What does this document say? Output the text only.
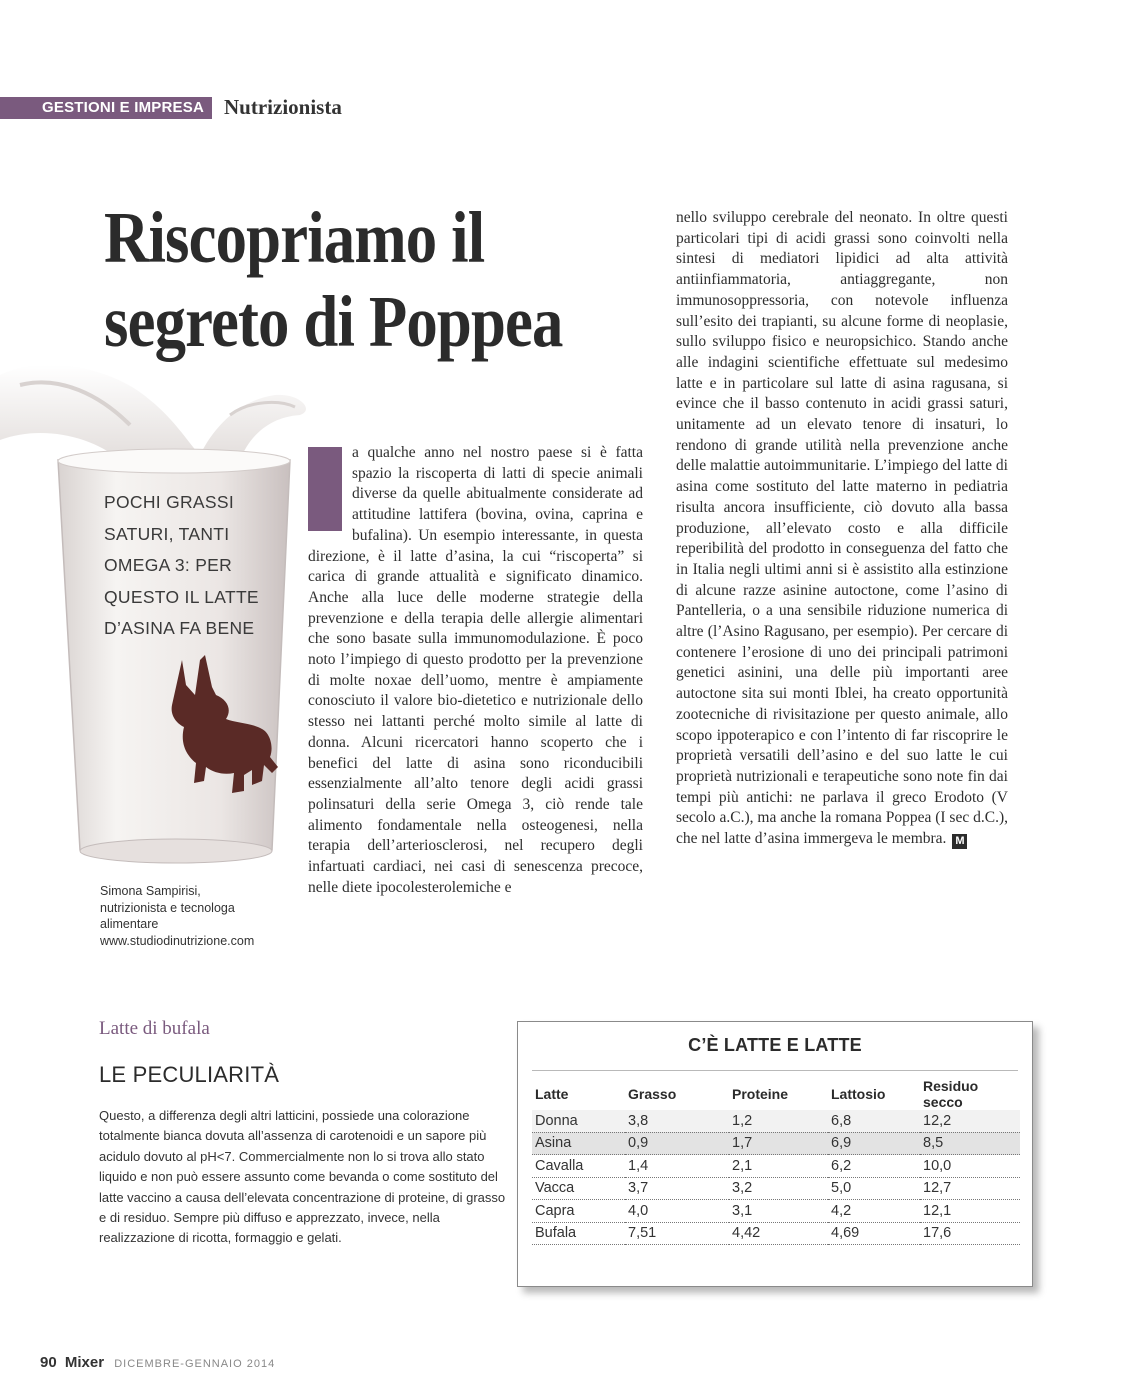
GESTIONI E IMPRESA Nutrizionista
Riscopriamo il
segreto di Poppea
POCHI GRASSI
SATURI, TANTI
OMEGA 3: PER
QUESTO IL LATTE
D’ASINA FA BENE
Simona Sampirisi,
nutrizionista e tecnologa
alimentare
www.studiodinutrizione.com
a qualche anno nel nostro paese si è fatta spazio la riscoperta di latti di specie animali diverse da quelle abitualmente considerate ad attitudine lattifera (bovina, ovina, caprina e bufalina). Un esempio interessante, in questa direzione, è il latte d’asina, la cui “riscoperta” si carica di grande attualità e significato dinamico. Anche alla luce delle moderne strategie della prevenzione e della terapia delle allergie alimentari che sono basate sulla immunomodulazione. È poco noto l’impiego di questo prodotto per la prevenzione di molte noxae dell’uomo, mentre è ampiamente conosciuto il valore bio-dietetico e nutrizionale dello stesso nei lattanti perché molto simile al latte di donna. Alcuni ricercatori hanno scoperto che i benefici del latte di asina sono riconducibili essenzialmente all’alto tenore degli acidi grassi polinsaturi della serie Omega 3, ciò rende tale alimento fondamentale nella osteogenesi, nella terapia dell’arteriosclerosi, nel recupero degli infartuati cardiaci, nei casi di senescenza precoce, nelle diete ipocolesterolemiche e
nello sviluppo cerebrale del neonato. In oltre questi particolari tipi di acidi grassi sono coinvolti nella sintesi di mediatori lipidici ad alta attività antiinfiammatoria, antiaggregante, non immunosoppressoria, con notevole influenza sull’esito dei trapianti, su alcune forme di neoplasie, sullo sviluppo fisico e neuropsichico. Stando anche alle indagini scientifiche effettuate sul medesimo latte e in particolare sul latte di asina ragusana, si evince che il basso contenuto in acidi grassi saturi, unitamente ad un elevato tenore di insaturi, lo rendono di grande utilità nella prevenzione anche delle malattie autoimmunitarie. L’impiego del latte di asina come sostituto del latte materno in pediatria risulta ancora insufficiente, ciò dovuto alla bassa produzione, all’elevato costo e alla difficile reperibilità del prodotto in conseguenza del fatto che in Italia negli ultimi anni si è assistito alla estinzione di alcune razze asinine autoctone, come l’asino di Pantelleria, o a una sensibile riduzione numerica di altre (l’Asino Ragusano, per esempio). Per cercare di contenere l’erosione di uno dei principali patrimoni genetici asinini, una delle più importanti aree autoctone sita sui monti Iblei, ha creato opportunità zootecniche di rivisitazione per questo animale, allo scopo ippoterapico e con l’intento di far riscoprire le proprietà versatili dell’asino e del suo latte le cui proprietà nutrizionali e terapeutiche sono note fin dai tempi più antichi: ne parlava il greco Erodoto (V secolo a.C.), ma anche la romana Poppea (I sec d.C.), che nel latte d’asina immergeva le membra. M
Latte di bufala
LE PECULIARITÀ
Questo, a differenza degli altri latticini, possiede una colorazione totalmente bianca dovuta all’assenza di carotenoidi e un sapore più acidulo dovuto al pH<7. Commercialmente non lo si trova allo stato liquido e non può essere assunto come bevanda o come sostituto del latte vaccino a causa dell’elevata concentrazione di proteine, di grasso e di residuo. Sempre più diffuso e apprezzato, invece, nella realizzazione di ricotta, formaggio e gelati.
C’È LATTE E LATTE
Latte	Grasso	Proteine	Lattosio	Residuo secco
Donna	3,8	1,2	6,8	12,2
Asina	0,9	1,7	6,9	8,5
Cavalla	1,4	2,1	6,2	10,0
Vacca	3,7	3,2	5,0	12,7
Capra	4,0	3,1	4,2	12,1
Bufala	7,51	4,42	4,69	17,6
90 Mixer DICEMBRE-GENNAIO 2014
